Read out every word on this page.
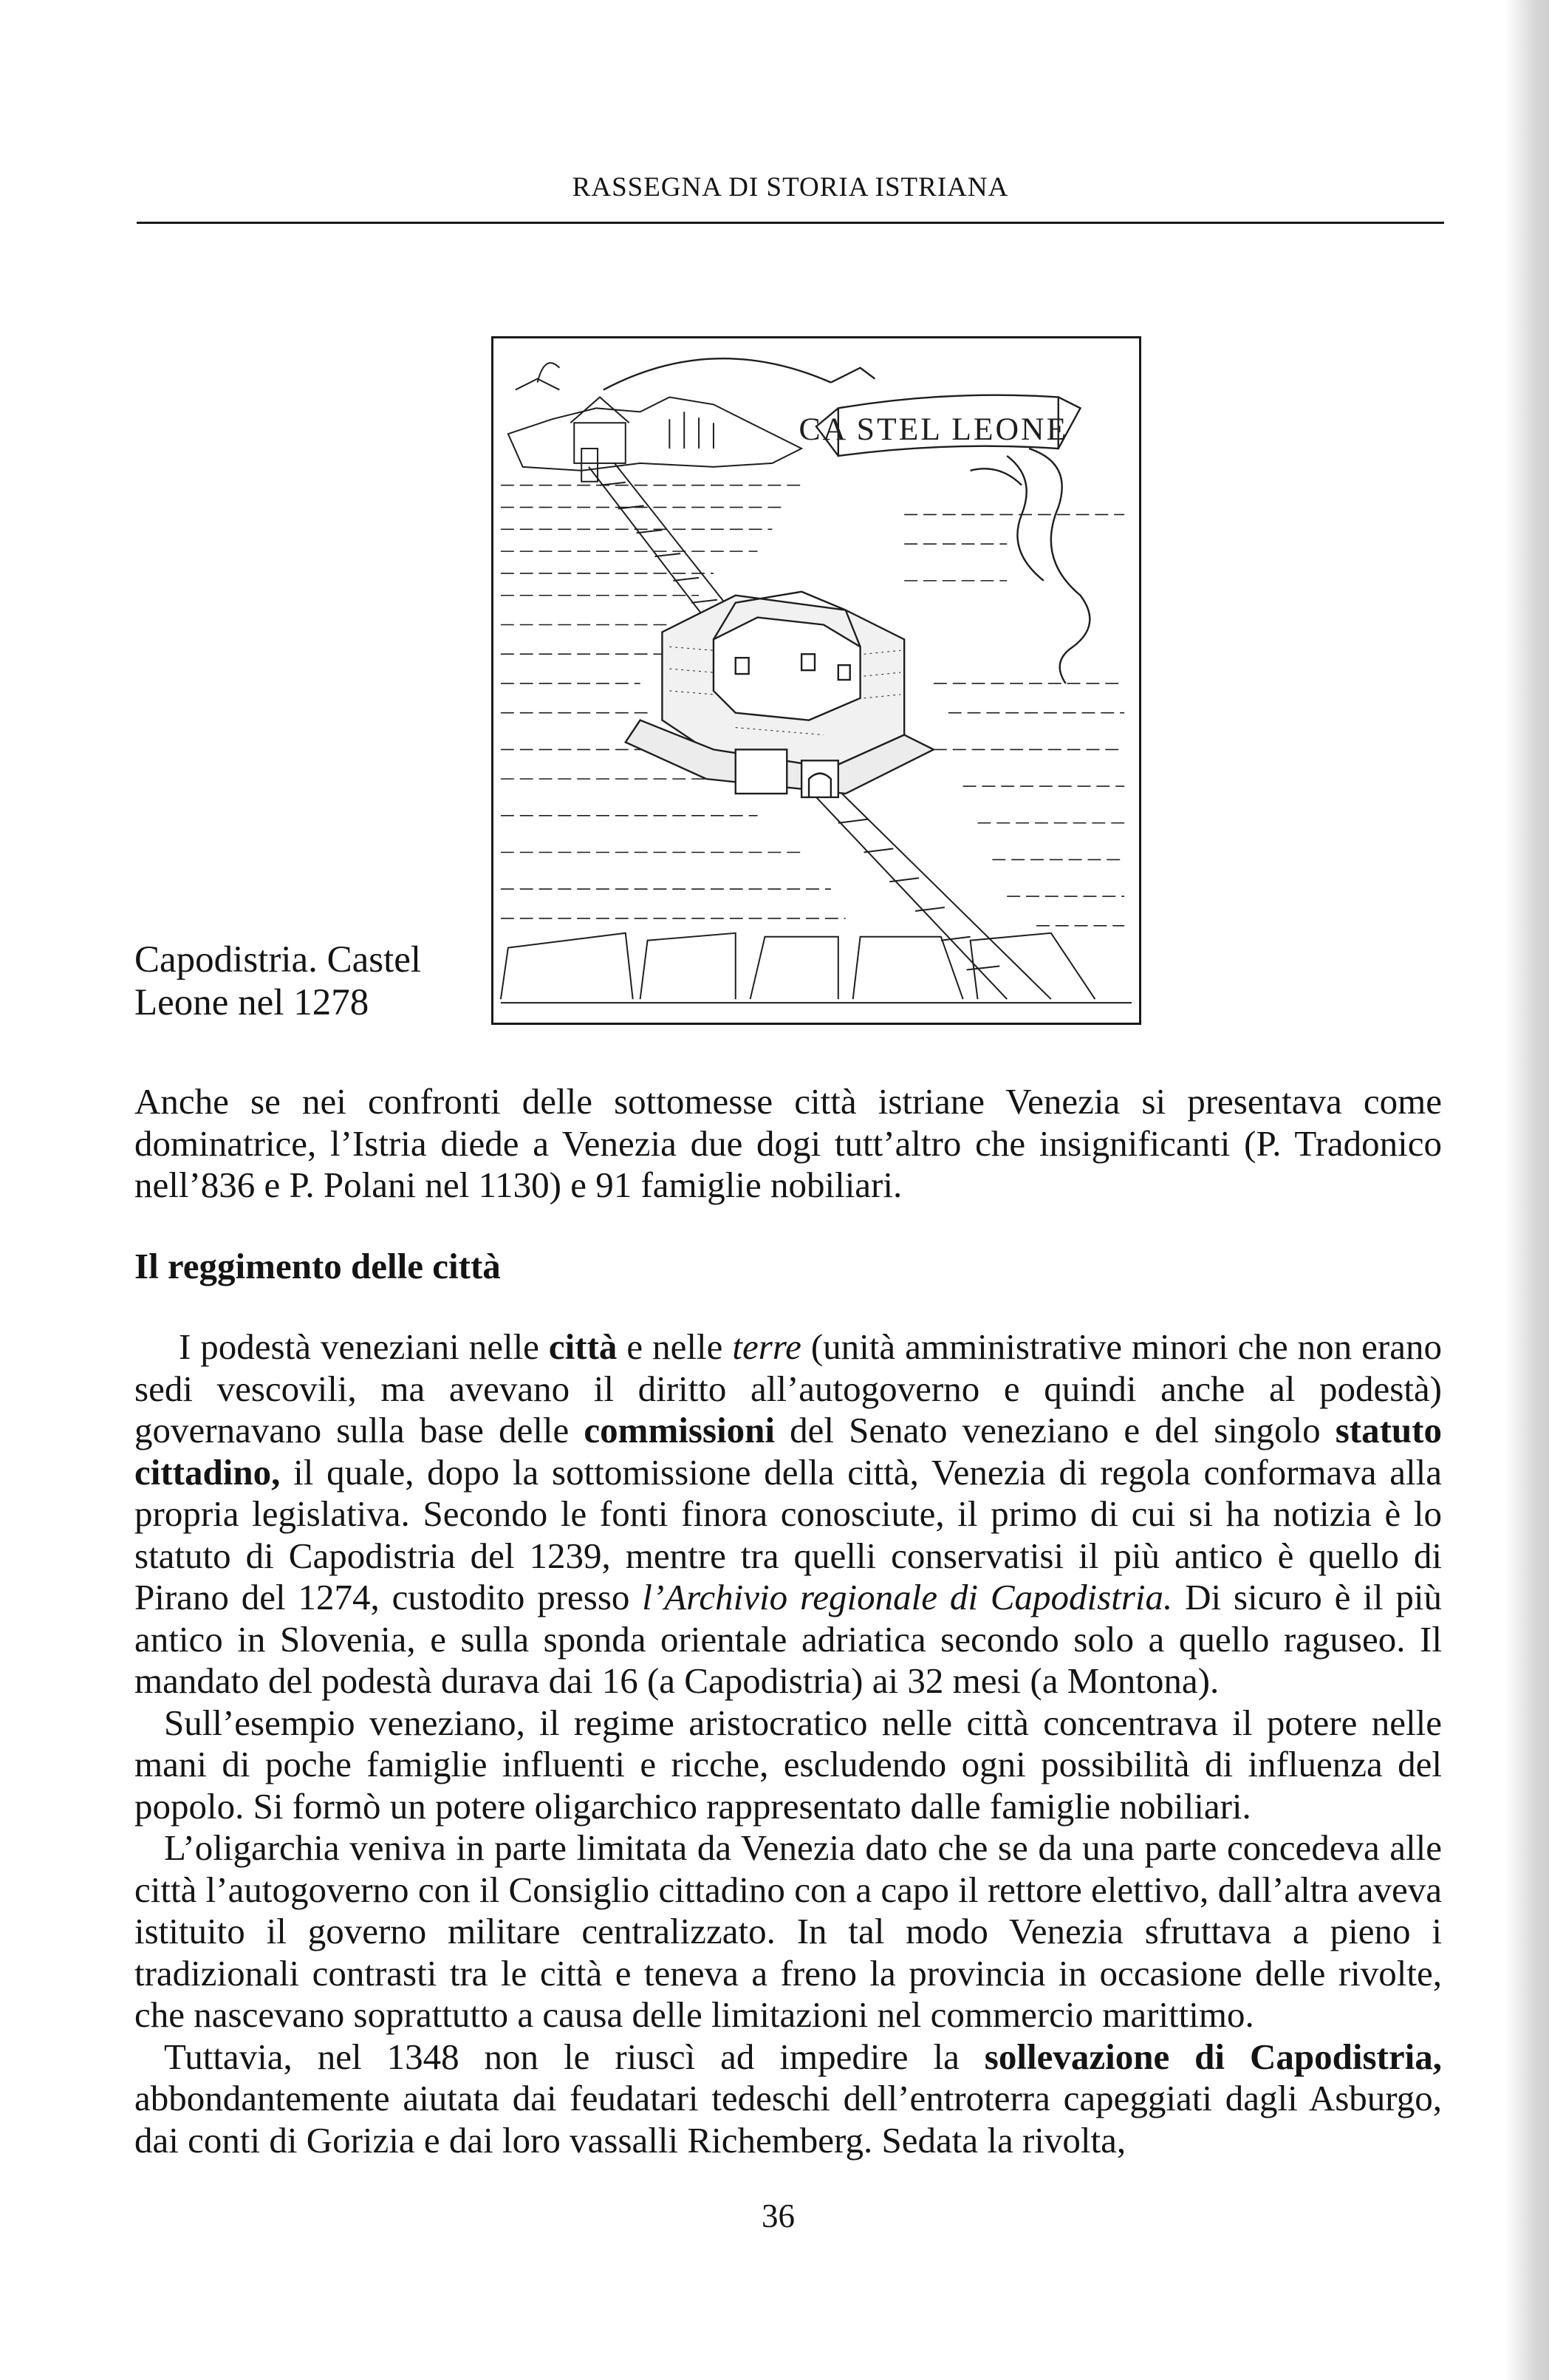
RASSEGNA DI STORIA ISTRIANA
CA STEL LEONE
Capodistria. Castel
Leone nel 1278

Anche se nei confronti delle sottomesse città istriane Venezia si presentava come dominatrice, l’Istria diede a Venezia due dogi tutt’altro che insignificanti (P. Tradonico nell’836 e P. Polani nel 1130) e 91 famiglie nobiliari.

Il reggimento delle città

I podestà veneziani nelle città e nelle terre (unità amministrative minori che non erano sedi vescovili, ma avevano il diritto all’autogoverno e quindi anche al podestà) governavano sulla base delle commissioni del Senato veneziano e del singolo statuto cittadino, il quale, dopo la sottomissione della città, Venezia di regola conformava alla propria legislativa. Secondo le fonti finora conosciute, il primo di cui si ha notizia è lo statuto di Capodistria del 1239, mentre tra quelli conservatisi il più antico è quello di Pirano del 1274, custodito presso l’Archivio regionale di Capodistria. Di sicuro è il più antico in Slovenia, e sulla sponda orientale adriatica secondo solo a quello raguseo. Il mandato del podestà durava dai 16 (a Capodistria) ai 32 mesi (a Montona).

Sull’esempio veneziano, il regime aristocratico nelle città concentrava il potere nelle mani di poche famiglie influenti e ricche, escludendo ogni possibilità di influenza del popolo. Si formò un potere oligarchico rappresentato dalle famiglie nobiliari.

L’oligarchia veniva in parte limitata da Venezia dato che se da una parte concedeva alle città l’autogoverno con il Consiglio cittadino con a capo il rettore elettivo, dall’altra aveva istituito il governo militare centralizzato. In tal modo Venezia sfruttava a pieno i tradizionali contrasti tra le città e teneva a freno la provincia in occasione delle rivolte, che nascevano soprattutto a causa delle limitazioni nel commercio marittimo.

Tuttavia, nel 1348 non le riuscì ad impedire la sollevazione di Capodistria, abbondantemente aiutata dai feudatari tedeschi dell’entroterra capeggiati dagli Asburgo, dai conti di Gorizia e dai loro vassalli Richemberg. Sedata la rivolta,

36
